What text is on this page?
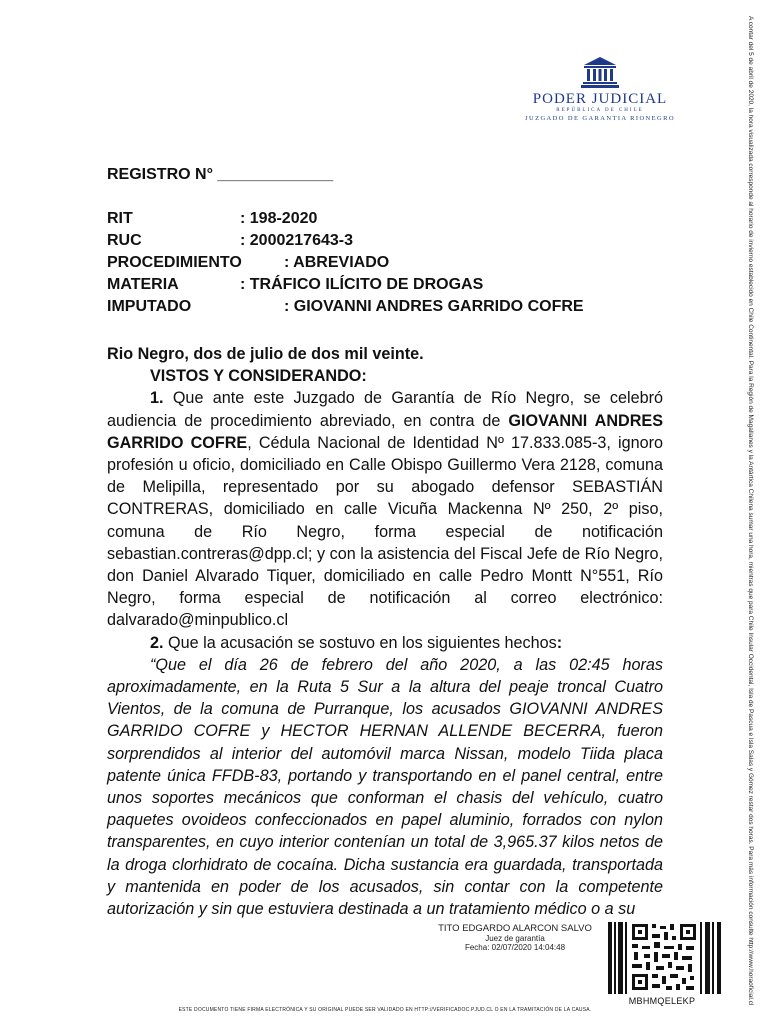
PODER JUDICIAL
REPÚBLICA DE CHILE
JUZGADO DE GARANTIA RIONEGRO	A contar del 5 de abril de 2020, la hora visualizada corresponde al horario de invierno establecido en Chile Continental. Para la Región de Magallanes y la Antártica Chilena sumar una hora, mientras que para Chile Insular Occidental, Isla de Pascua e Isla Salas y Gómez restar dos horas. Para más información consulte http://www.horaoficial.cl
REGISTRO N° _____________
RIT	: 198-2020
RUC	: 2000217643-3
PROCEDIMIENTO	: ABREVIADO
MATERIA	: TRÁFICO ILÍCITO DE DROGAS
IMPUTADO	: GIOVANNI ANDRES GARRIDO COFRE

Rio Negro, dos de julio de dos mil veinte.

VISTOS Y CONSIDERANDO:

1. Que ante este Juzgado de Garantía de Río Negro, se celebró audiencia de procedimiento abreviado, en contra de GIOVANNI ANDRES GARRIDO COFRE, Cédula Nacional de Identidad Nº 17.833.085-3, ignoro profesión u oficio, domiciliado en Calle Obispo Guillermo Vera 2128, comuna de Melipilla, representado por su abogado defensor SEBASTIÁN CONTRERAS, domiciliado en calle Vicuña Mackenna Nº 250, 2º piso, comuna de Río Negro, forma especial de notificación sebastian.contreras@dpp.cl; y con la asistencia del Fiscal Jefe de Río Negro, don Daniel Alvarado Tiquer, domiciliado en calle Pedro Montt N°551, Río Negro, forma especial de notificación al correo electrónico: dalvarado@minpublico.cl

2. Que la acusación se sostuvo en los siguientes hechos:

“Que el día 26 de febrero del año 2020, a las 02:45 horas aproximadamente, en la Ruta 5 Sur a la altura del peaje troncal Cuatro Vientos, de la comuna de Purranque, los acusados GIOVANNI ANDRES GARRIDO COFRE y HECTOR HERNAN ALLENDE BECERRA, fueron sorprendidos al interior del automóvil marca Nissan, modelo Tiida placa patente única FFDB-83, portando y transportando en el panel central, entre unos soportes mecánicos que conforman el chasis del vehículo, cuatro paquetes ovoideos confeccionados en papel aluminio, forrados con nylon transparentes, en cuyo interior contenían un total de 3,965.37 kilos netos de la droga clorhidrato de cocaína. Dicha sustancia era guardada, transportada y mantenida en poder de los acusados, sin contar con la competente autorización y sin que estuviera destinada a un tratamiento médico o a su

TITO EDGARDO ALARCON SALVO
Juez de garantía
Fecha: 02/07/2020 14:04:48
MBHMQELEKP
ESTE DOCUMENTO TIENE FIRMA ELECTRÓNICA Y SU ORIGINAL PUEDE SER VALIDADO EN HTTP://VERIFICADOC.PJUD.CL O EN LA TRAMITACIÓN DE LA CAUSA.
